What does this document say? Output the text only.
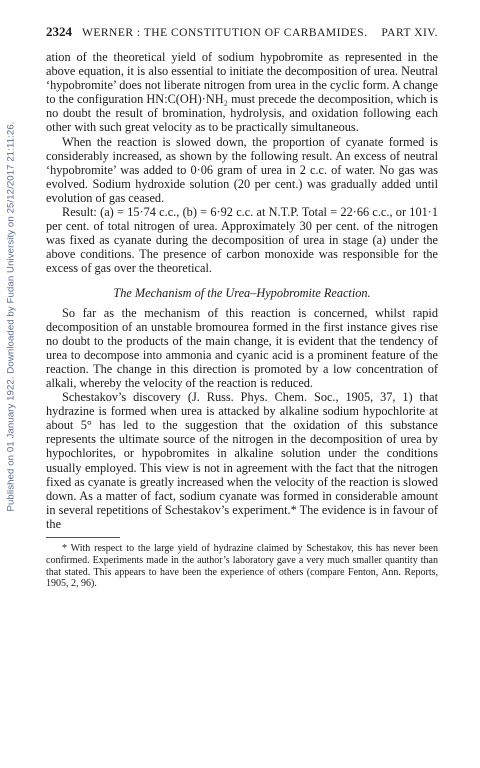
Published on 01 January 1922. Downloaded by Fudan University on 25/12/2017 21:11:26.
2324 WERNER : THE CONSTITUTION OF CARBAMIDES.	PART XIV.

ation of the theoretical yield of sodium hypobromite as represented in the above equation, it is also essential to initiate the decomposition of urea. Neutral ‘hypobromite’ does not liberate nitrogen from urea in the cyclic form. A change to the configuration HN:C(OH)·NH₂ must precede the decomposition, which is no doubt the result of bromination, hydrolysis, and oxidation following each other with such great velocity as to be practically simultaneous.

When the reaction is slowed down, the proportion of cyanate formed is considerably increased, as shown by the following result. An excess of neutral ‘hypobromite’ was added to 0·06 gram of urea in 2 c.c. of water. No gas was evolved. Sodium hydroxide solution (20 per cent.) was gradually added until evolution of gas ceased.

Result: (a) = 15·74 c.c., (b) = 6·92 c.c. at N.T.P. Total = 22·66 c.c., or 101·1 per cent. of total nitrogen of urea. Approximately 30 per cent. of the nitrogen was fixed as cyanate during the decomposition of urea in stage (a) under the above conditions. The presence of carbon monoxide was responsible for the excess of gas over the theoretical.

The Mechanism of the Urea–Hypobromite Reaction.

So far as the mechanism of this reaction is concerned, whilst rapid decomposition of an unstable bromourea formed in the first instance gives rise no doubt to the products of the main change, it is evident that the tendency of urea to decompose into ammonia and cyanic acid is a prominent feature of the reaction. The change in this direction is promoted by a low concentration of alkali, whereby the velocity of the reaction is reduced.

Schestakov’s discovery (J. Russ. Phys. Chem. Soc., 1905, 37, 1) that hydrazine is formed when urea is attacked by alkaline sodium hypochlorite at about 5° has led to the suggestion that the oxidation of this substance represents the ultimate source of the nitrogen in the decomposition of urea by hypochlorites, or hypobromites in alkaline solution under the conditions usually employed. This view is not in agreement with the fact that the nitrogen fixed as cyanate is greatly increased when the velocity of the reaction is slowed down. As a matter of fact, sodium cyanate was formed in considerable amount in several repetitions of Schestakov’s experiment.* The evidence is in favour of the

* With respect to the large yield of hydrazine claimed by Schestakov, this has never been confirmed. Experiments made in the author’s laboratory gave a very much smaller quantity than that stated. This appears to have been the experience of others (compare Fenton, Ann. Reports, 1905, 2, 96).
